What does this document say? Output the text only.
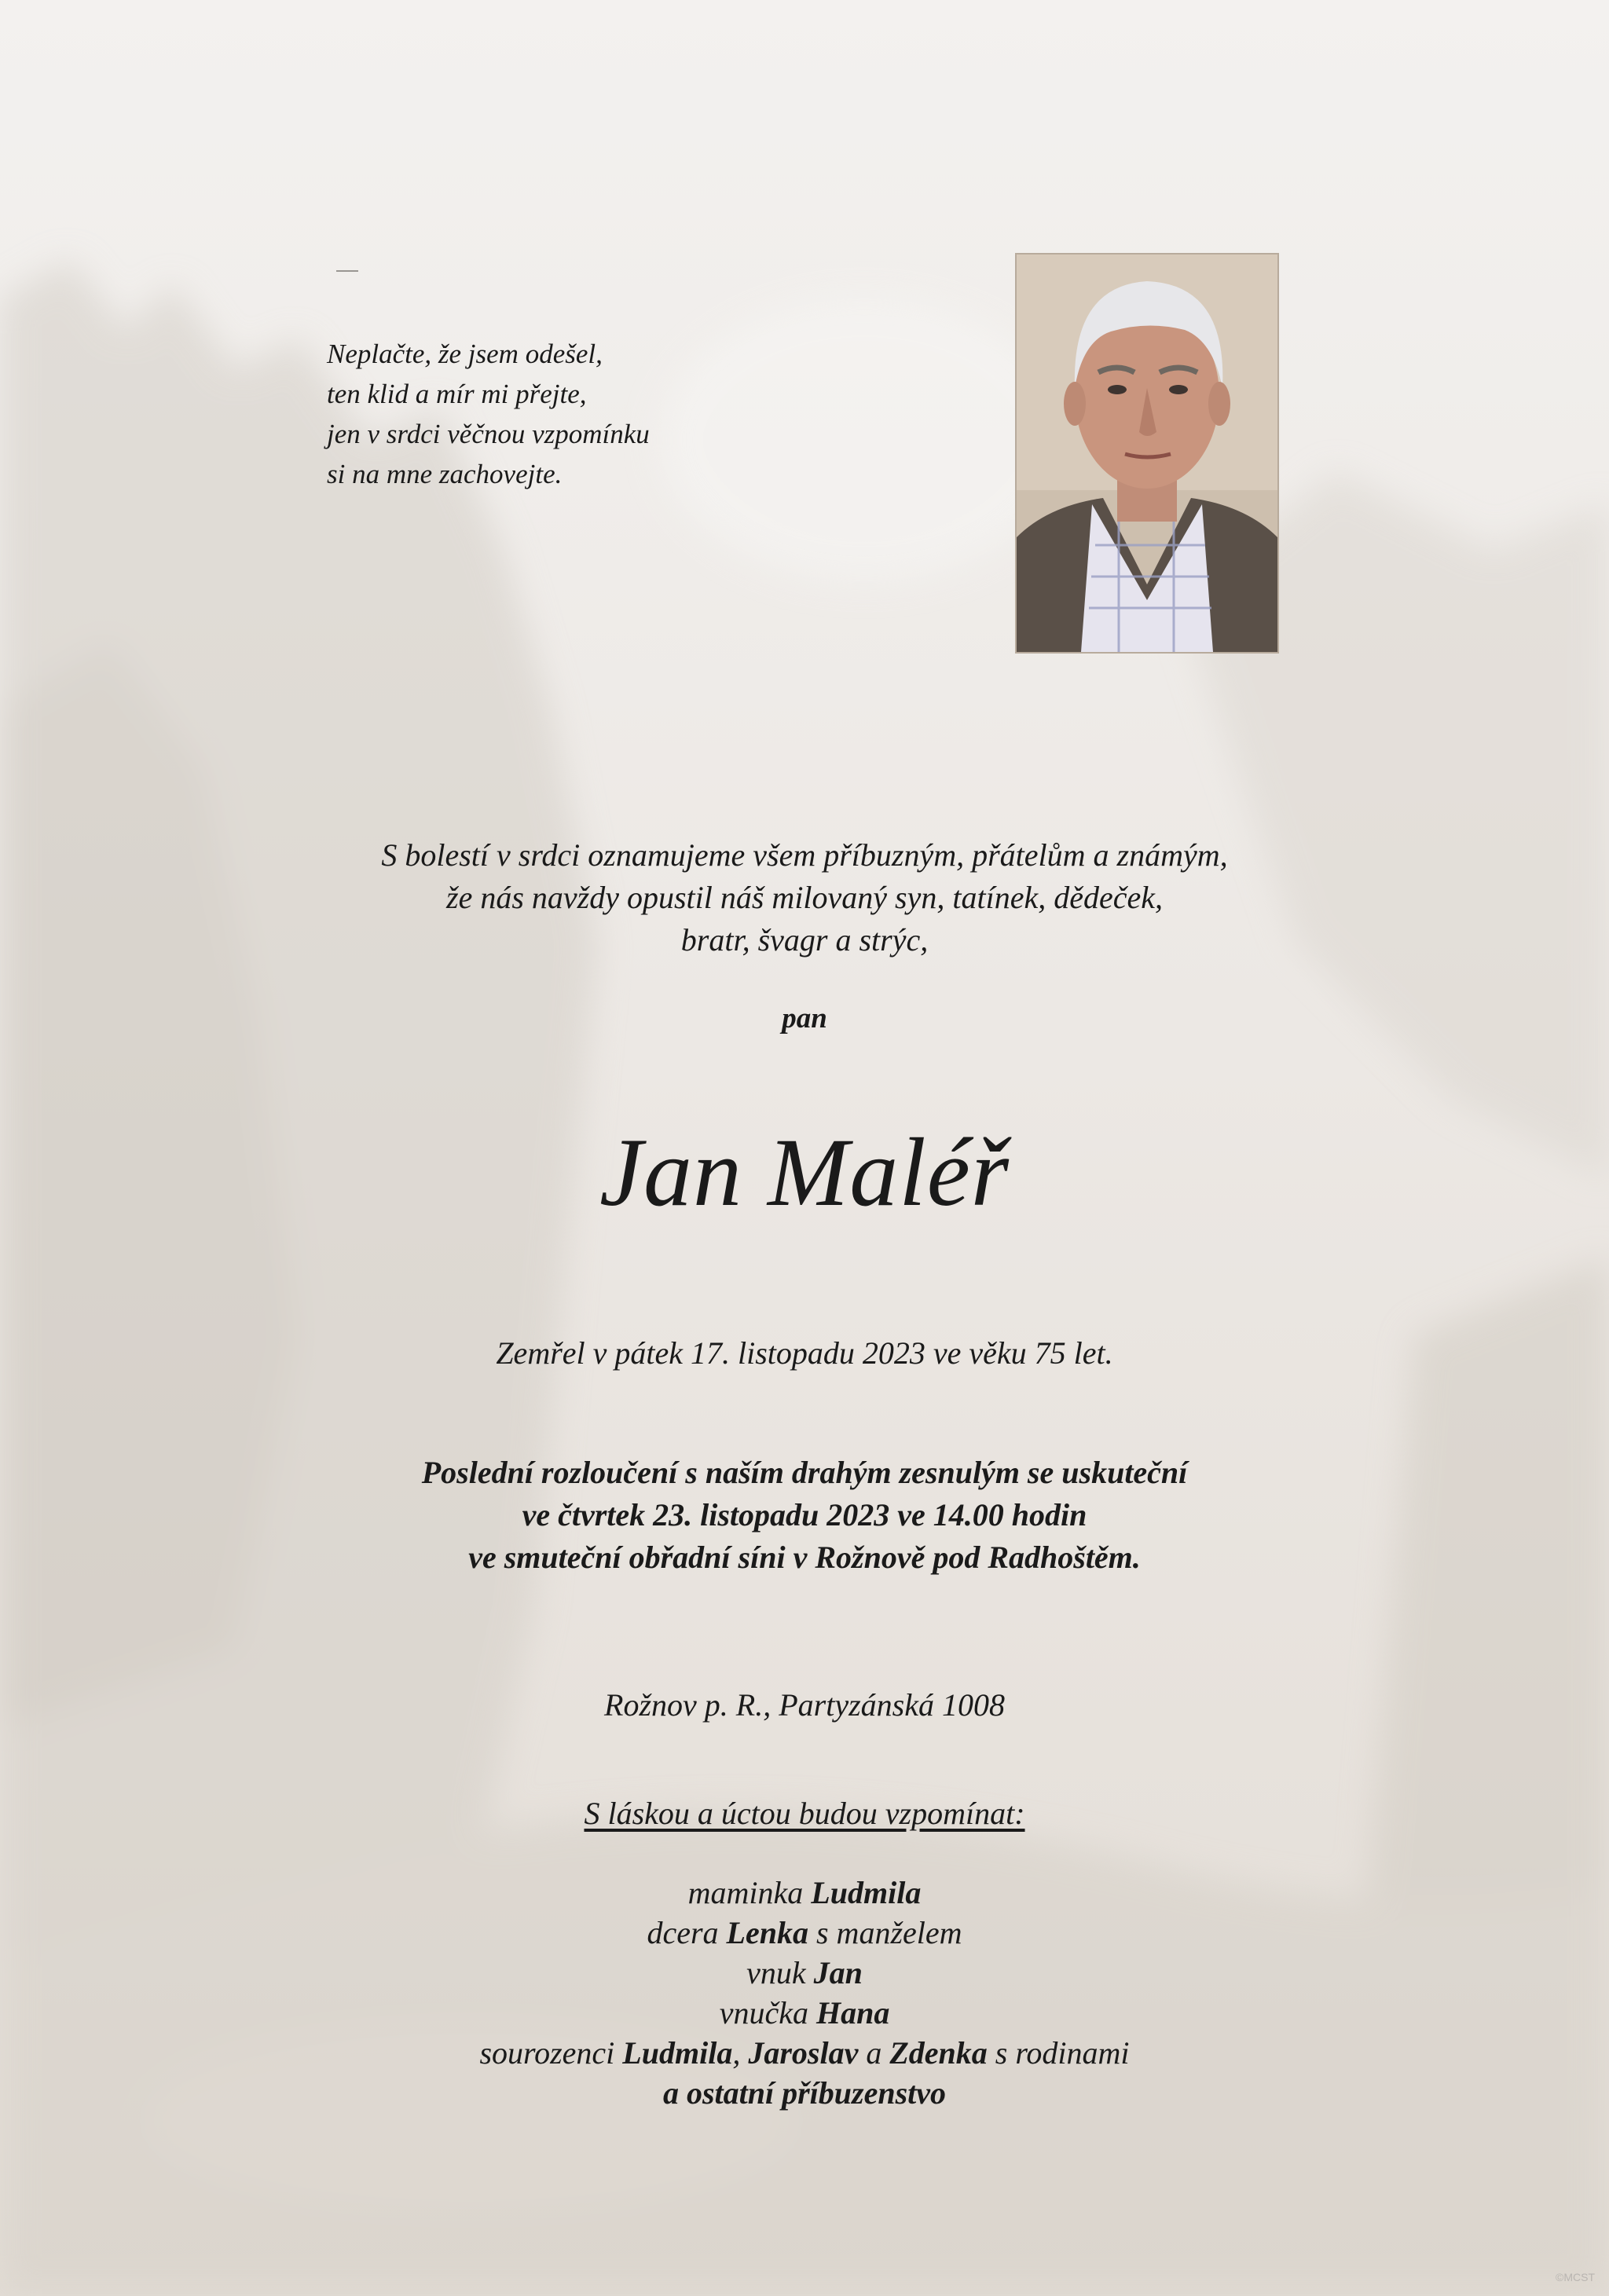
Neplačte, že jsem odešel,
ten klid a mír mi přejte,
jen v srdci věčnou vzpomínku
si na mne zachovejte.
S bolestí v srdci oznamujeme všem příbuzným, přátelům a známým,
že nás navždy opustil náš milovaný syn, tatínek, dědeček,
bratr, švagr a strýc,
pan
Jan Maléř
Zemřel v pátek 17. listopadu 2023 ve věku 75 let.
Poslední rozloučení s naším drahým zesnulým se uskuteční
ve čtvrtek 23. listopadu 2023 ve 14.00 hodin
ve smuteční obřadní síni v Rožnově pod Radhoštěm.
Rožnov p. R., Partyzánská 1008
S láskou a úctou budou vzpomínat:
maminka Ludmila
dcera Lenka s manželem
vnuk Jan
vnučka Hana
sourozenci Ludmila, Jaroslav a Zdenka s rodinami
a ostatní příbuzenstvo
©MCST
